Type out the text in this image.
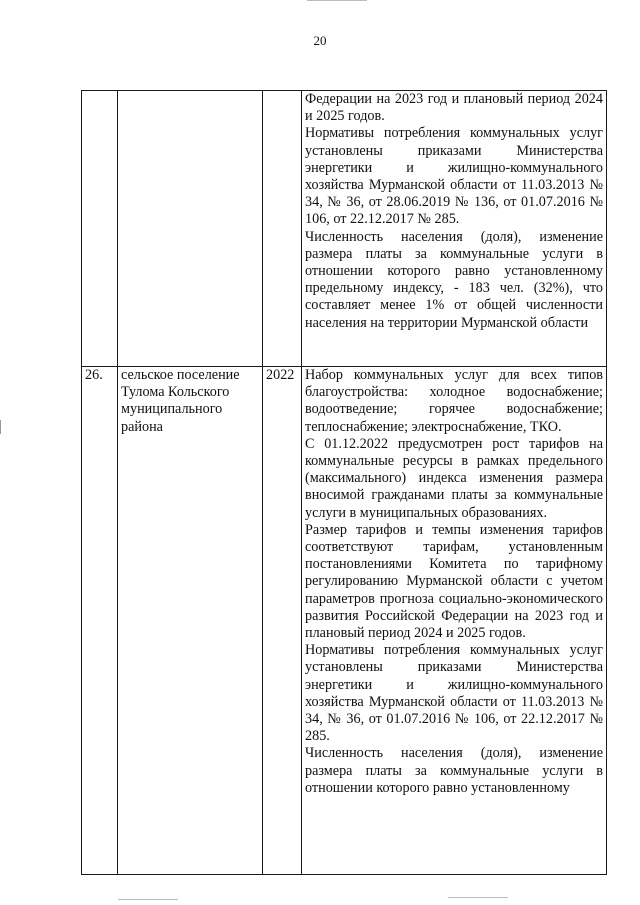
20

			Федерации на 2023 год и плановый период 2024 и 2025 годов.

Нормативы потребления коммунальных услуг установлены приказами Министерства энергетики и жилищно-коммунального хозяйства Мурманской области от 11.03.2013 № 34, № 36, от 28.06.2019 № 136, от 01.07.2016 № 106, от 22.12.2017 № 285.

Численность населения (доля), изменение размера платы за коммунальные услуги в отношении которого равно установленному предельному индексу, - 183 чел. (32%), что составляет менее 1% от общей численности населения на территории Мурманской области

26.	сельское поселение Тулома Кольского муниципального района	2022	Набор коммунальных услуг для всех типов благоустройства: холодное водоснабжение; водоотведение; горячее водоснабжение; теплоснабжение; электроснабжение, ТКО.

С 01.12.2022 предусмотрен рост тарифов на коммунальные ресурсы в рамках предельного (максимального) индекса изменения размера вносимой гражданами платы за коммунальные услуги в муниципальных образованиях.

Размер тарифов и темпы изменения тарифов соответствуют тарифам, установленным постановлениями Комитета по тарифному регулированию Мурманской области с учетом параметров прогноза социально-экономического развития Российской Федерации на 2023 год и плановый период 2024 и 2025 годов.

Нормативы потребления коммунальных услуг установлены приказами Министерства энергетики и жилищно-коммунального хозяйства Мурманской области от 11.03.2013 № 34, № 36, от 01.07.2016 № 106, от 22.12.2017 № 285.

Численность населения (доля), изменение размера платы за коммунальные услуги в отношении которого равно установленному
